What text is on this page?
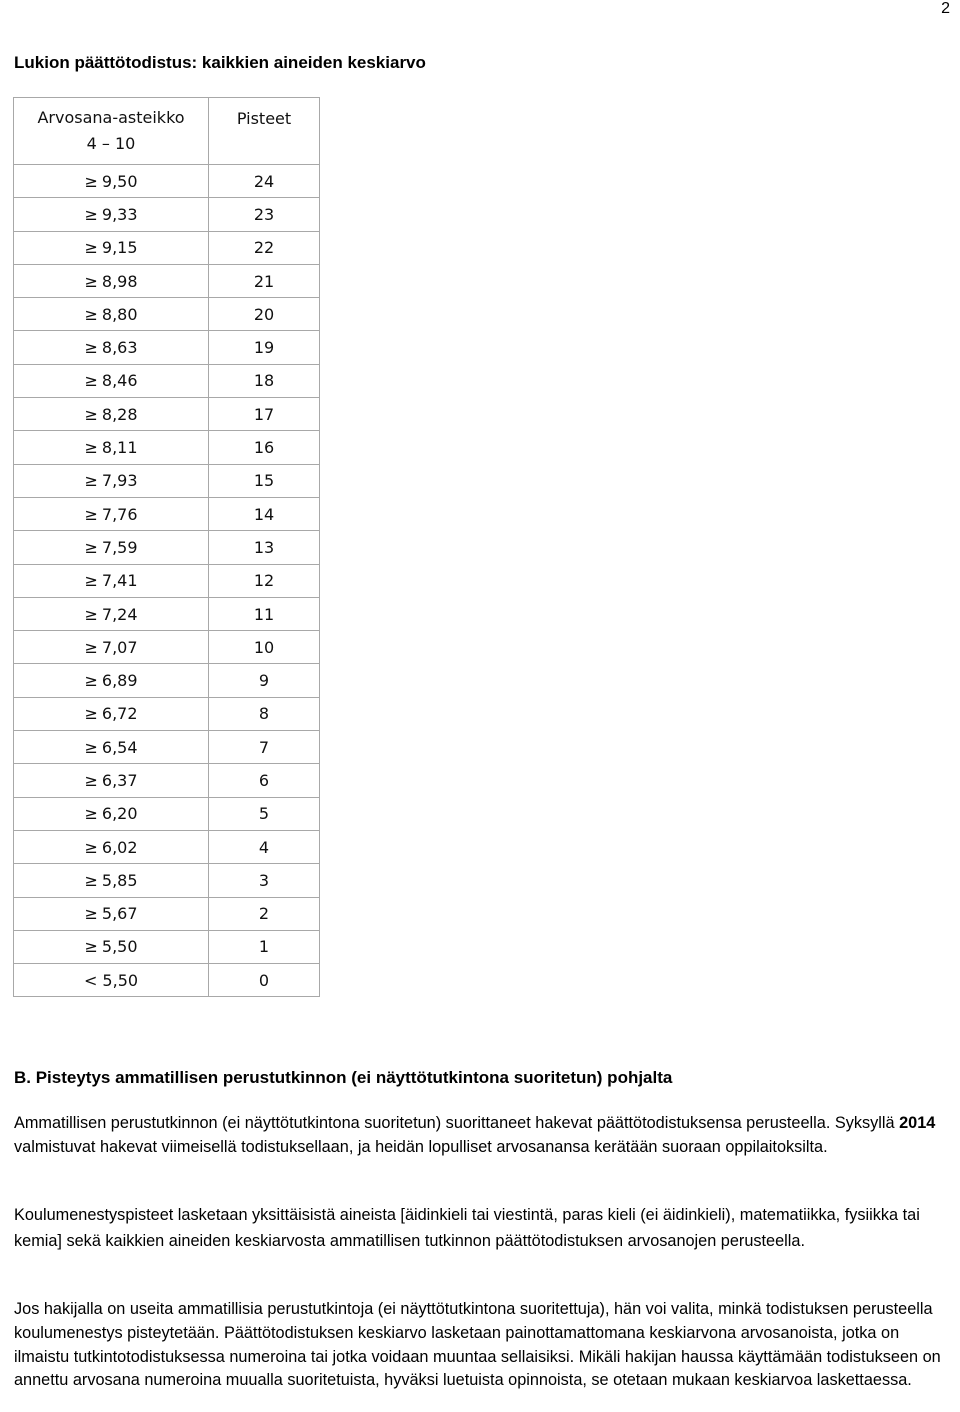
2
Lukion päättötodistus: kaikkien aineiden keskiarvo
Arvosana-asteikko
4 – 10	Pisteet

≥ 9,50	24
≥ 9,33	23
≥ 9,15	22
≥ 8,98	21
≥ 8,80	20
≥ 8,63	19
≥ 8,46	18
≥ 8,28	17
≥ 8,11	16
≥ 7,93	15
≥ 7,76	14
≥ 7,59	13
≥ 7,41	12
≥ 7,24	11
≥ 7,07	10
≥ 6,89	9
≥ 6,72	8
≥ 6,54	7
≥ 6,37	6
≥ 6,20	5
≥ 6,02	4
≥ 5,85	3
≥ 5,67	2
≥ 5,50	1
< 5,50	0
B. Pisteytys ammatillisen perustutkinnon (ei näyttötutkintona suoritetun) pohjalta

Ammatillisen perustutkinnon (ei näyttötutkintona suoritetun) suorittaneet hakevat päättötodistuksensa perusteella. Syksyllä 2014 valmistuvat hakevat viimeisellä todistuksellaan, ja heidän lopulliset arvosanansa kerätään suoraan oppilaitoksilta.

Koulumenestyspisteet lasketaan yksittäisistä aineista [äidinkieli tai viestintä, paras kieli (ei äidinkieli), matematiikka, fysiikka tai kemia] sekä kaikkien aineiden keskiarvosta ammatillisen tutkinnon päättötodistuksen arvosanojen perusteella.

Jos hakijalla on useita ammatillisia perustutkintoja (ei näyttötutkintona suoritettuja), hän voi valita, minkä todistuksen perusteella koulumenestys pisteytetään. Päättötodistuksen keskiarvo lasketaan painottamattomana keskiarvona arvosanoista, jotka on ilmaistu tutkintotodistuksessa numeroina tai jotka voidaan muuntaa sellaisiksi. Mikäli hakijan haussa käyttämään todistukseen on annettu arvosana numeroina muualla suoritetuista, hyväksi luetuista opinnoista, se otetaan mukaan keskiarvoa laskettaessa.
